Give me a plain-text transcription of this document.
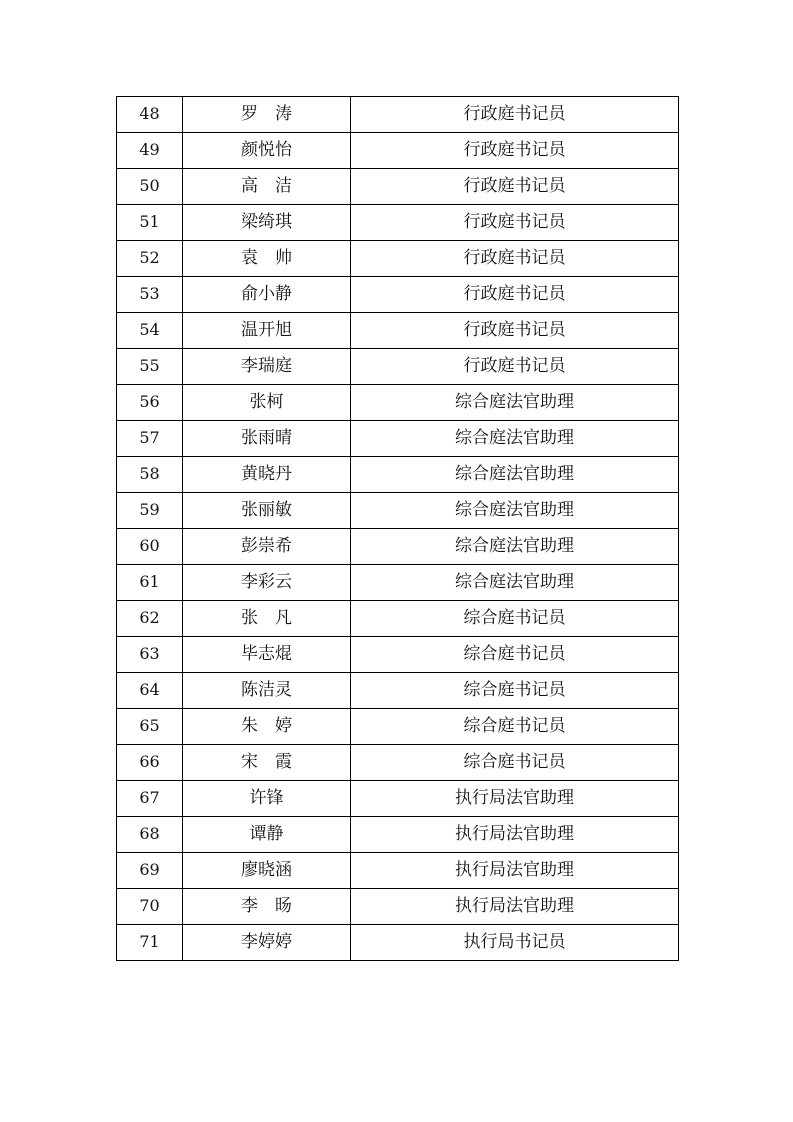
48	罗　涛	行政庭书记员
49	颜悦怡	行政庭书记员
50	高　洁	行政庭书记员
51	梁绮琪	行政庭书记员
52	袁　帅	行政庭书记员
53	俞小静	行政庭书记员
54	温开旭	行政庭书记员
55	李瑞庭	行政庭书记员
56	张柯	综合庭法官助理
57	张雨晴	综合庭法官助理
58	黄晓丹	综合庭法官助理
59	张丽敏	综合庭法官助理
60	彭崇希	综合庭法官助理
61	李彩云	综合庭法官助理
62	张　凡	综合庭书记员
63	毕志焜	综合庭书记员
64	陈洁灵	综合庭书记员
65	朱　婷	综合庭书记员
66	宋　霞	综合庭书记员
67	许锋	执行局法官助理
68	谭静	执行局法官助理
69	廖晓涵	执行局法官助理
70	李　旸	执行局法官助理
71	李婷婷	执行局书记员
